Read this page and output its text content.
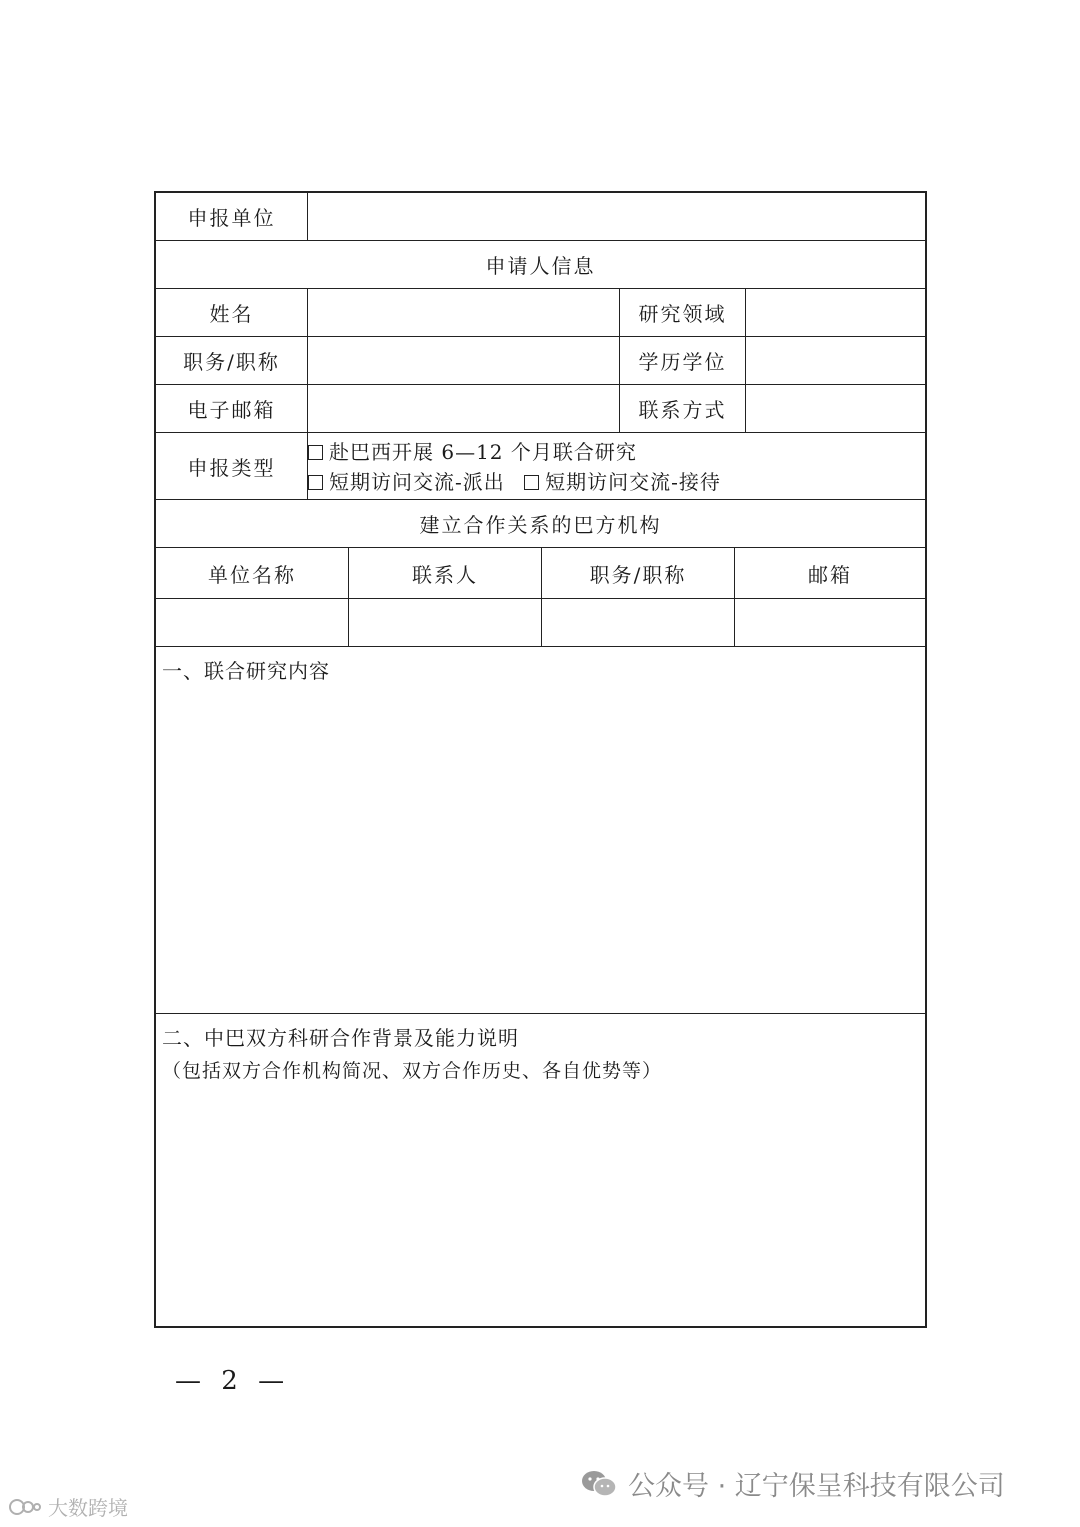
申报单位
申请人信息
姓名	研究领域
职务/职称	学历学位
电子邮箱	联系方式
申报类型
赴巴西开展 6—12 个月联合研究
短期访问交流-派出 短期访问交流-接待
建立合作关系的巴方机构
单位名称	联系人	职务/职称	邮箱
一、联合研究内容
二、中巴双方科研合作背景及能力说明
（包括双方合作机构简况、双方合作历史、各自优势等）
— 2 —
公众号 · 辽宁保呈科技有限公司
大数跨境
